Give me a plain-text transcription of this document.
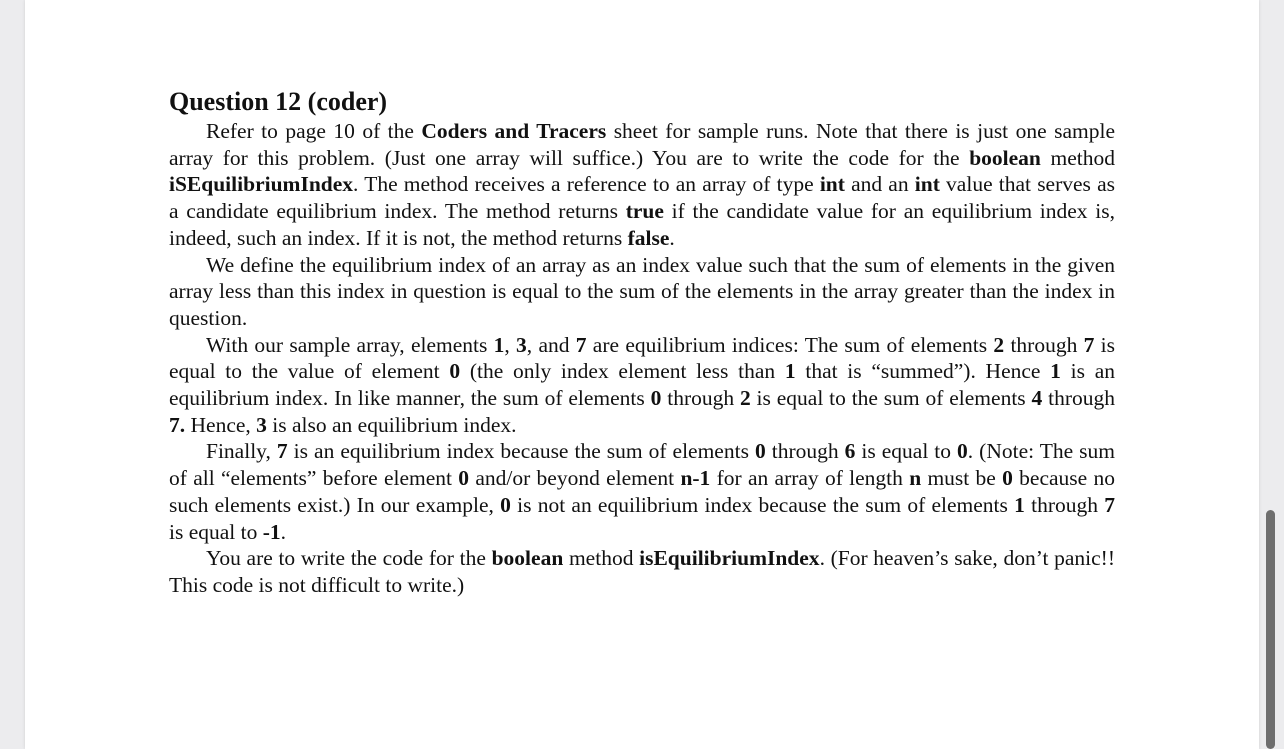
Question 12 (coder)

Refer to page 10 of the Coders and Tracers sheet for sample runs. Note that there is just one sample array for this problem. (Just one array will suffice.) You are to write the code for the boolean method iSEquilibriumIndex. The method receives a reference to an array of type int and an int value that serves as a candidate equilibrium index. The method returns true if the candidate value for an equilibrium index is, indeed, such an index. If it is not, the method returns false.

We define the equilibrium index of an array as an index value such that the sum of elements in the given array less than this index in question is equal to the sum of the elements in the array greater than the index in question.

With our sample array, elements 1, 3, and 7 are equilibrium indices: The sum of elements 2 through 7 is equal to the value of element 0 (the only index element less than 1 that is “summed”). Hence 1 is an equilibrium index. In like manner, the sum of elements 0 through 2 is equal to the sum of elements 4 through 7. Hence, 3 is also an equilibrium index.

Finally, 7 is an equilibrium index because the sum of elements 0 through 6 is equal to 0. (Note: The sum of all “elements” before element 0 and/or beyond element n-1 for an array of length n must be 0 because no such elements exist.) In our example, 0 is not an equilibrium index because the sum of elements 1 through 7 is equal to -1.

You are to write the code for the boolean method isEquilibriumIndex. (For heaven’s sake, don’t panic!! This code is not difficult to write.)
